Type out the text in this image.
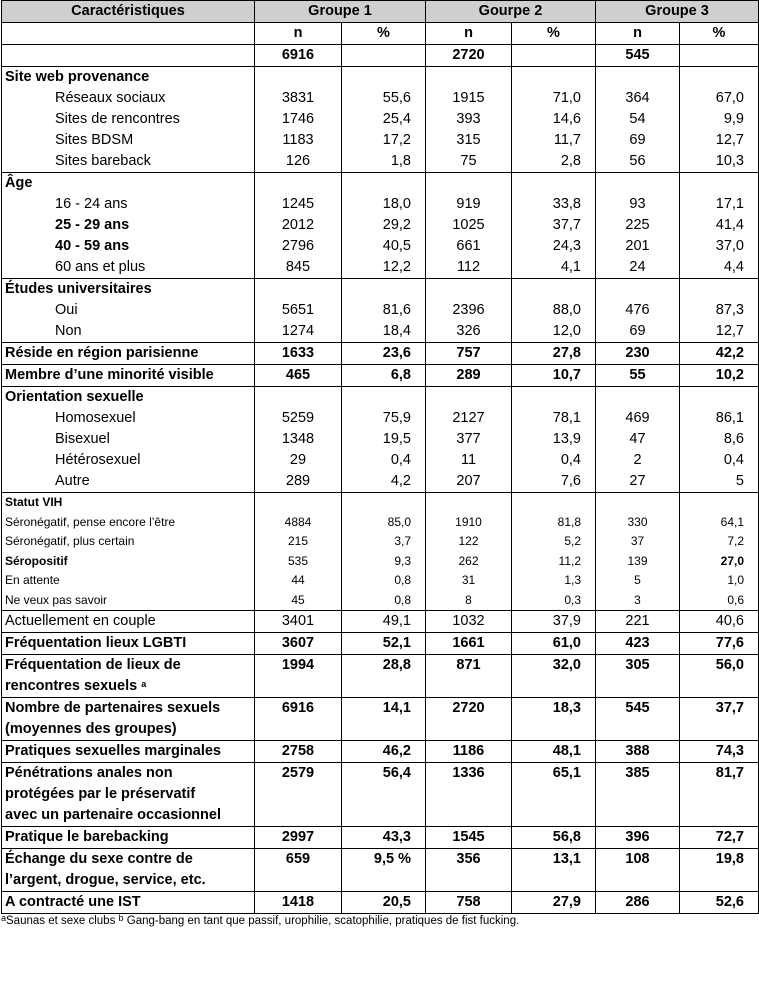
Caractéristiques	Groupe 1		Gourpe 2		Groupe 3	
	n	%	n	%	n	%
	6916		2720		545	
Site web provenance						
Réseaux sociaux	3831	55,6	1915	71,0	364	67,0
Sites de rencontres	1746	25,4	393	14,6	54	9,9
Sites BDSM	1183	17,2	315	11,7	69	12,7
Sites bareback	126	1,8	75	2,8	56	10,3
Âge						
16 - 24 ans	1245	18,0	919	33,8	93	17,1
25 - 29 ans	2012	29,2	1025	37,7	225	41,4
40 - 59 ans	2796	40,5	661	24,3	201	37,0
60 ans et plus	845	12,2	112	4,1	24	4,4
Études universitaires						
Oui	5651	81,6	2396	88,0	476	87,3
Non	1274	18,4	326	12,0	69	12,7
Réside en région parisienne	1633	23,6	757	27,8	230	42,2
Membre d’une minorité visible	465	6,8	289	10,7	55	10,2
Orientation sexuelle						
Homosexuel	5259	75,9	2127	78,1	469	86,1
Bisexuel	1348	19,5	377	13,9	47	8,6
Hétérosexuel	29	0,4	11	0,4	2	0,4
Autre	289	4,2	207	7,6	27	5
Statut VIH						
Séronégatif, pense encore l’être	4884	85,0	1910	81,8	330	64,1
Séronégatif, plus certain	215	3,7	122	5,2	37	7,2
Séropositif	535	9,3	262	11,2	139	27,0
En attente	44	0,8	31	1,3	5	1,0
Ne veux pas savoir	45	0,8	8	0,3	3	0,6
Actuellement en couple	3401	49,1	1032	37,9	221	40,6
Fréquentation lieux LGBTI	3607	52,1	1661	61,0	423	77,6
Fréquentation de lieux de	1994	28,8	871	32,0	305	56,0
rencontres sexuels $^a$						

Nombre de partenaires sexuels
(moyennes des groupes)	6916	14,1	2720	18,3	545	37,7
Pratiques sexuelles marginales	2758	46,2	1186	48,1	388	74,3

Pénétrations anales non
protégées par le préservatif
avec un partenaire occasionnel	2579	56,4	1336	65,1	385	81,7
Pratique le barebacking	2997	43,3	1545	56,8	396	72,7

Échange du sexe contre de
l’argent, drogue, service, etc.	659	9,5 %	356	13,1	108	19,8
A contracté une IST	1418	20,5	758	27,9	286	52,6
$^a$Saunas et sexe clubs $^b$ Gang-bang en tant que passif, urophilie, scatophilie, pratiques de fist fucking.
